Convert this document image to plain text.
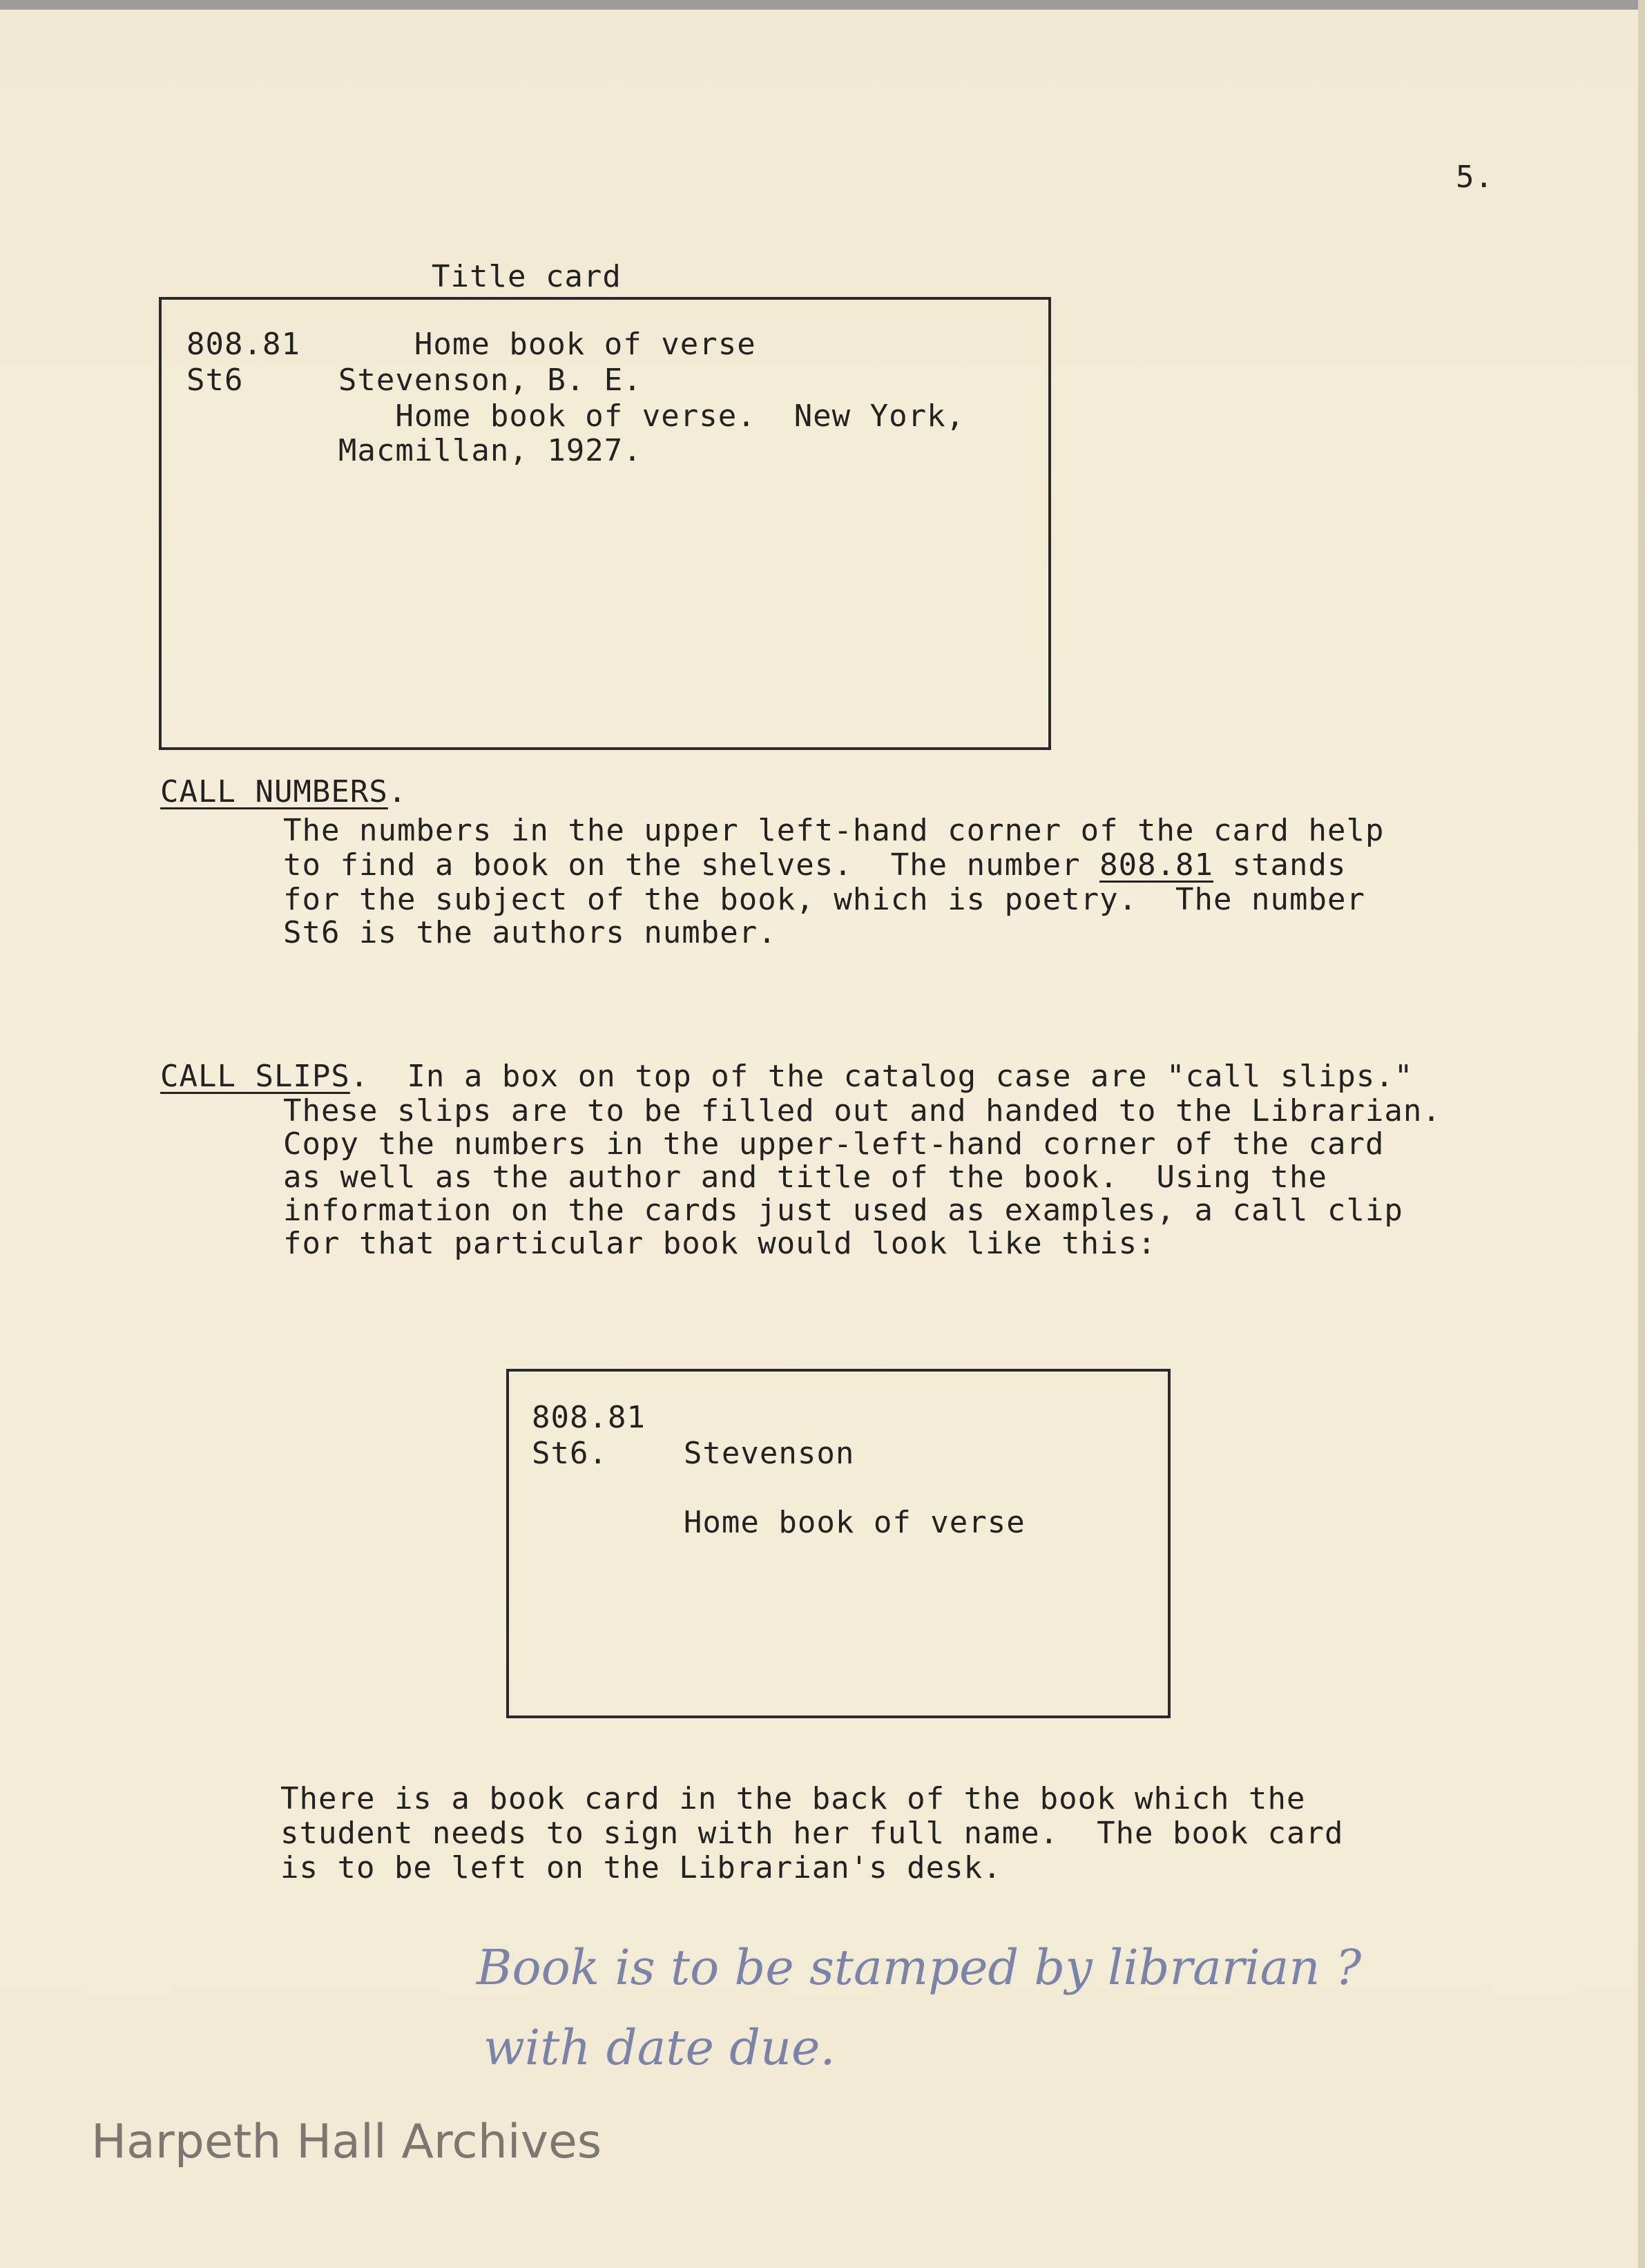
5.
Title card
808.81      Home book of verse
St6     Stevenson, B. E.
Home book of verse.  New York,
Macmillan, 1927.
CALL NUMBERS.
The numbers in the upper left-hand corner of the card help
to find a book on the shelves.  The number 808.81 stands
for the subject of the book, which is poetry.  The number
St6 is the authors number.
CALL SLIPS.  In a box on top of the catalog case are "call slips."
These slips are to be filled out and handed to the Librarian.
Copy the numbers in the upper-left-hand corner of the card
as well as the author and title of the book.  Using the
information on the cards just used as examples, a call clip
for that particular book would look like this:
808.81
St6.    Stevenson
Home book of verse
There is a book card in the back of the book which the
student needs to sign with her full name.  The book card
is to be left on the Librarian's desk.
Book is to be stamped by librarian ?
with date due.
Harpeth Hall Archives
